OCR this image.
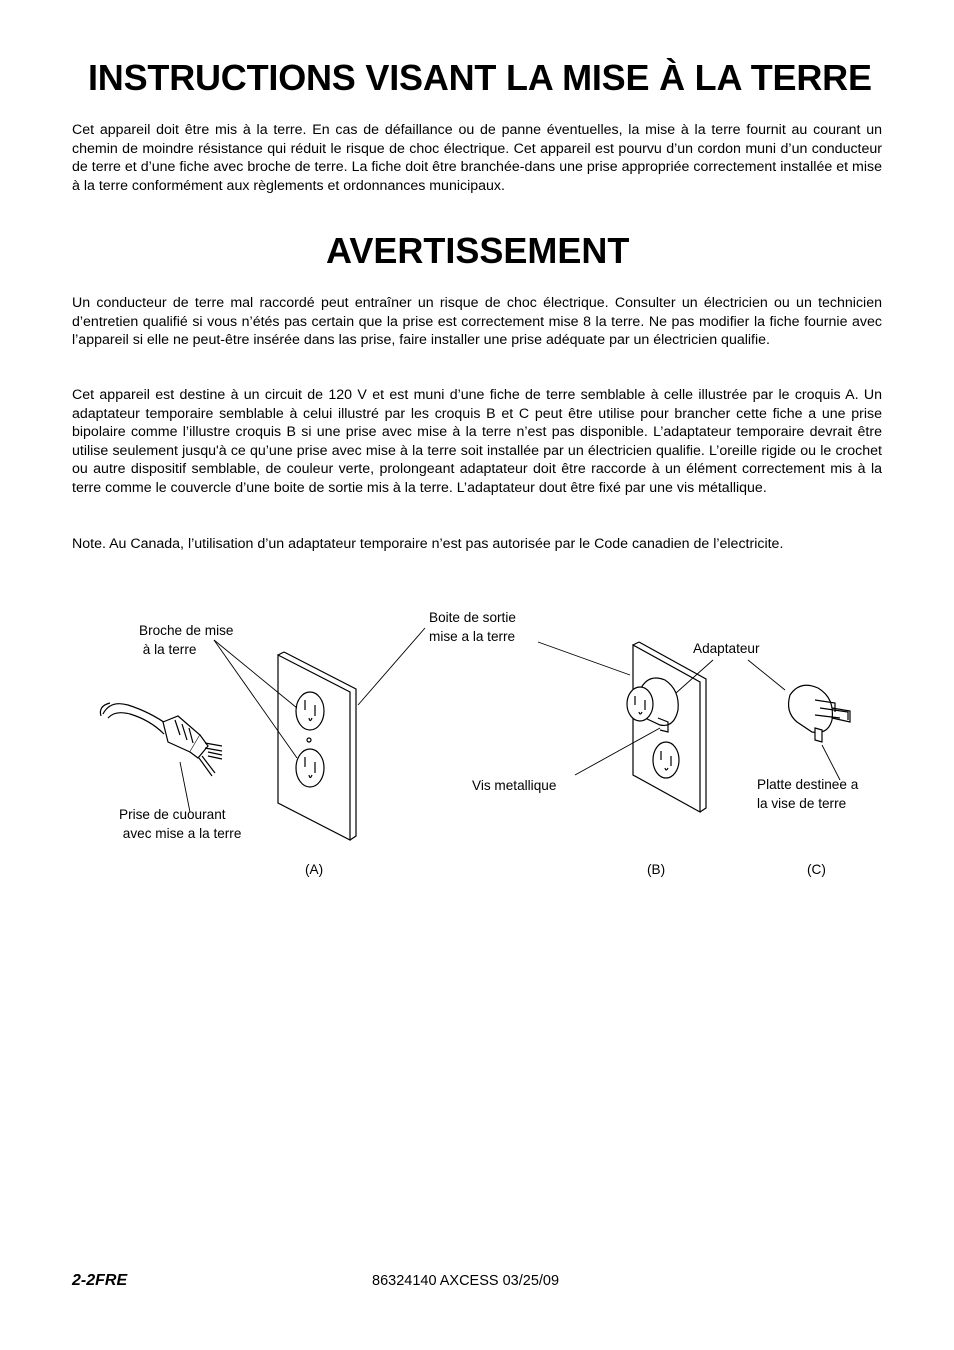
INSTRUCTIONS VISANT LA MISE À LA TERRE

Cet appareil doit être mis à la terre. En cas de défaillance ou de panne éventuelles, la mise à la terre fournit au courant un chemin de moindre résistance qui réduit le risque de choc électrique. Cet appareil est pourvu d’un cordon muni d’un conducteur de terre et d’une fiche avec broche de terre. La fiche doit être branchée-dans une prise appropriée correctement installée et mise à la terre conformément aux règlements et ordonnances municipaux.

AVERTISSEMENT

Un conducteur de terre mal raccordé peut entraîner un risque de choc électrique. Consulter un électricien ou un technicien d’entretien qualifié si vous n’étés pas certain que la prise est correctement mise 8 la terre. Ne pas modifier la fiche fournie avec l’appareil si elle ne peut-être insérée dans las prise, faire installer une prise adéquate par un électricien qualifie.

Cet appareil est destine à un circuit de 120 V et est muni d’une fiche de terre semblable à celle illustrée par le croquis A. Un adaptateur temporaire semblable à celui illustré par les croquis B et C peut être utilise pour brancher cette fiche a une prise bipolaire comme l’illustre croquis B si une prise avec mise à la terre n’est pas disponible. L’adaptateur temporaire devrait être utilise seulement jusqu'à ce qu’une prise avec mise à la terre soit installée par un électricien qualifie. L’oreille rigide ou le crochet ou autre dispositif semblable, de couleur verte, prolongeant adaptateur doit être raccorde à un élément correctement mis à la terre comme le couvercle d’une boite de sortie mis à la terre. L’adaptateur dout être fixé par une vis métallique.

Note. Au Canada, l’utilisation d’un adaptateur temporaire n’est pas autorisée par le Code canadien de l’electricite.

Broche de mise
à la terre
Boite de sortie
mise a la terre
Adaptateur
Prise de cuourant
avec mise a la terre
Vis metallique	Platte destinee a
la vise de terre
(A)	(B)	(C)
2-2FRE	86324140 AXCESS 03/25/09
